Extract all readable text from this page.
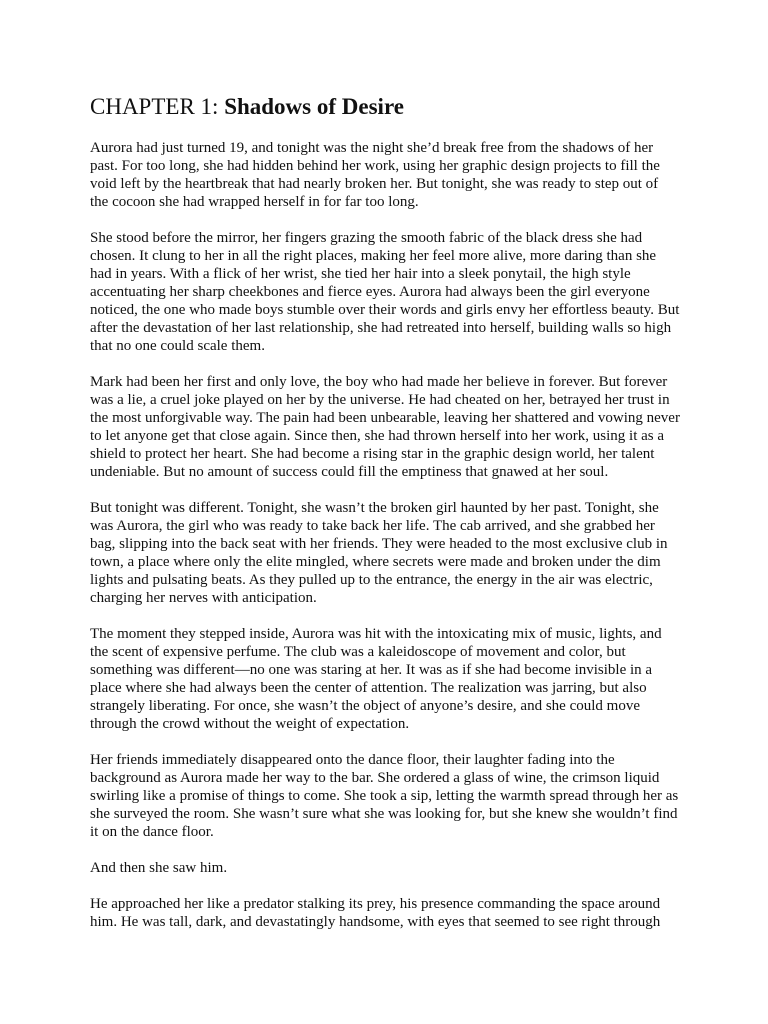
CHAPTER 1: Shadows of Desire

Aurora had just turned 19, and tonight was the night she’d break free from the shadows of her past. For too long, she had hidden behind her work, using her graphic design projects to fill the void left by the heartbreak that had nearly broken her. But tonight, she was ready to step out of the cocoon she had wrapped herself in for far too long.

She stood before the mirror, her fingers grazing the smooth fabric of the black dress she had chosen. It clung to her in all the right places, making her feel more alive, more daring than she had in years. With a flick of her wrist, she tied her hair into a sleek ponytail, the high style accentuating her sharp cheekbones and fierce eyes. Aurora had always been the girl everyone noticed, the one who made boys stumble over their words and girls envy her effortless beauty. But after the devastation of her last relationship, she had retreated into herself, building walls so high that no one could scale them.

Mark had been her first and only love, the boy who had made her believe in forever. But forever was a lie, a cruel joke played on her by the universe. He had cheated on her, betrayed her trust in the most unforgivable way. The pain had been unbearable, leaving her shattered and vowing never to let anyone get that close again. Since then, she had thrown herself into her work, using it as a shield to protect her heart. She had become a rising star in the graphic design world, her talent undeniable. But no amount of success could fill the emptiness that gnawed at her soul.

But tonight was different. Tonight, she wasn’t the broken girl haunted by her past. Tonight, she was Aurora, the girl who was ready to take back her life. The cab arrived, and she grabbed her bag, slipping into the back seat with her friends. They were headed to the most exclusive club in town, a place where only the elite mingled, where secrets were made and broken under the dim lights and pulsating beats. As they pulled up to the entrance, the energy in the air was electric, charging her nerves with anticipation.

The moment they stepped inside, Aurora was hit with the intoxicating mix of music, lights, and the scent of expensive perfume. The club was a kaleidoscope of movement and color, but something was different—no one was staring at her. It was as if she had become invisible in a place where she had always been the center of attention. The realization was jarring, but also strangely liberating. For once, she wasn’t the object of anyone’s desire, and she could move through the crowd without the weight of expectation.

Her friends immediately disappeared onto the dance floor, their laughter fading into the background as Aurora made her way to the bar. She ordered a glass of wine, the crimson liquid swirling like a promise of things to come. She took a sip, letting the warmth spread through her as she surveyed the room. She wasn’t sure what she was looking for, but she knew she wouldn’t find it on the dance floor.

And then she saw him.

He approached her like a predator stalking its prey, his presence commanding the space around him. He was tall, dark, and devastatingly handsome, with eyes that seemed to see right through
